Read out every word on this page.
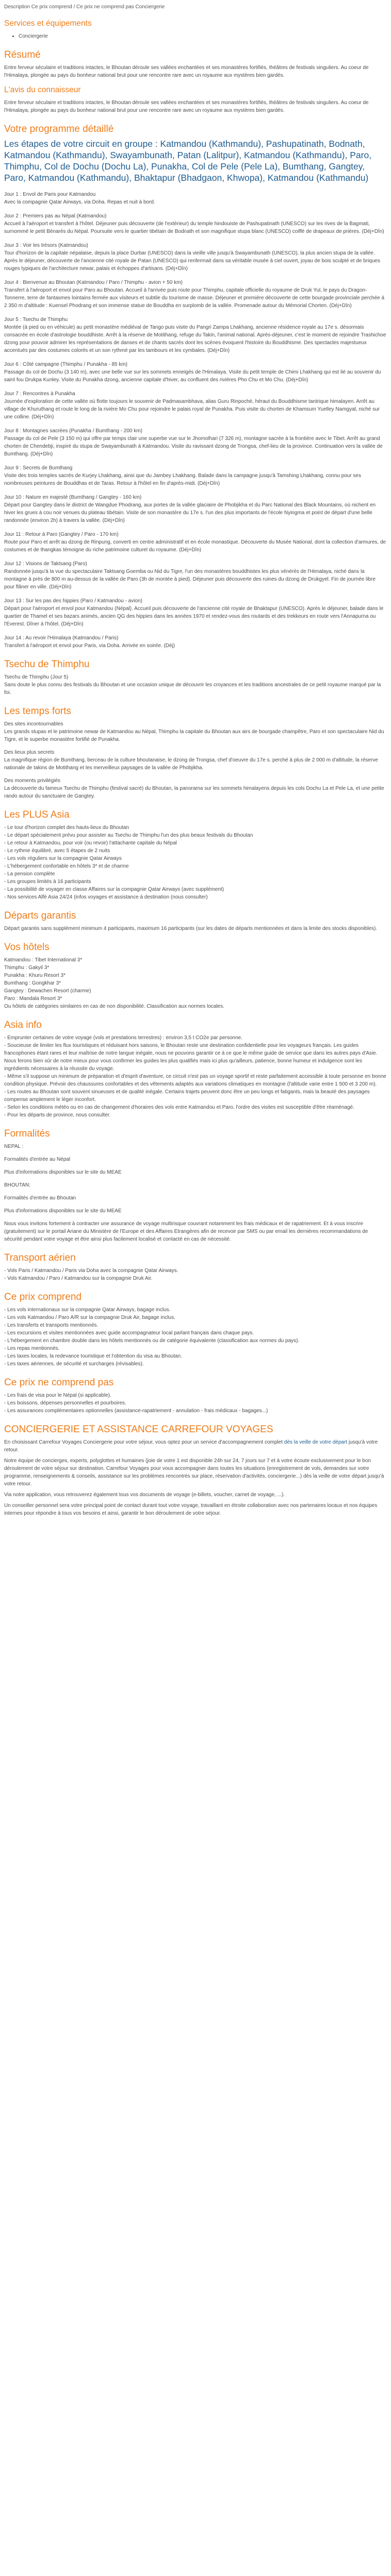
Description Ce prix comprend / Ce prix ne comprend pas Conciergerie

Services et équipements
• Conciergerie
Résumé

Entre ferveur séculaire et traditions intactes, le Bhoutan déroule ses vallées enchantées et ses monastères fortifiés, théâtres de festivals singuliers. Au coeur de l'Himalaya, plongée au pays du bonheur national brut pour une rencontre rare avec un royaume aux mystères bien gardés.

L'avis du connaisseur

Entre ferveur séculaire et traditions intactes, le Bhoutan déroule ses vallées enchantées et ses monastères fortifiés, théâtres de festivals singuliers. Au coeur de l'Himalaya, plongée au pays du bonheur national brut pour une rencontre rare avec un royaume aux mystères bien gardés.

Votre programme détaillé
Les étapes de votre circuit en groupe : Katmandou (Kathmandu), Pashupatinath, Bodnath, Katmandou (Kathmandu), Swayambunath, Patan (Lalitpur), Katmandou (Kathmandu), Paro, Thimphu, Col de Dochu (Dochu La), Punakha, Col de Pele (Pele La), Bumthang, Gangtey, Paro, Katmandou (Kathmandu), Bhaktapur (Bhadgaon, Khwopa), Katmandou (Kathmandu)
Jour 1 : Envol de Paris pour Katmandou
Avec la compagnie Qatar Airways, via Doha. Repas et nuit à bord.
Jour 2 : Premiers pas au Népal (Katmandou)
Accueil à l'aéroport et transfert à l'hôtel. Déjeuner puis découverte (de l'extérieur) du temple hindouiste de Pashupatinath (UNESCO) sur les rives de la Bagmati, surnommé le petit Bénarès du Népal. Poursuite vers le quartier tibétain de Bodnath et son magnifique stupa blanc (UNESCO) coiffé de drapeaux de prières. (Déj+Dîn)
Jour 3 : Voir les trésors (Katmandou)
Tour d'horizon de la capitale népalaise, depuis la place Durbar (UNESCO) dans la vieille ville jusqu'à Swayambunath (UNESCO), la plus ancien stupa de la vallée. Après le déjeuner, découverte de l'ancienne cité royale de Patan (UNESCO) qui renfermait dans sa véritable musée à ciel ouvert, joyau de bois sculpté et de briques rouges typiques de l'architecture newar, palais et échoppes d'artisans. (Déj+Dîn)
Jour 4 : Bienvenue au Bhoutan (Katmandou / Paro / Thimphu - avion + 50 km)
Transfert à l'aéroport et envol pour Paro au Bhoutan. Accueil à l'arrivée puis route pour Thimphu, capitale officielle du royaume de Druk Yul, le pays du Dragon-Tonnerre, terre de fantasmes lointains fermée aux visiteurs et subtile du tourisme de masse. Déjeuner et première découverte de cette bourgade provinciale perchée à 2 350 m d'altitude : Kuensel Phodrang et son immense statue de Bouddha en surplomb de la vallée. Promenade autour du Mémorial Chorten. (Déj+Dîn)
Jour 5 : Tsechu de Thimphu
Montée (à pied ou en véhicule) au petit monastère médiéval de Tango puis visite du Pangri Zampa Lhakhang, ancienne résidence royale au 17e s. désormais consacrée en école d'astrologie bouddhiste. Arrêt à la réserve de Motithang, refuge du Takin, l'animal national. Après-déjeuner, c'est le moment de rejoindre Trashichoe dzong pour pouvoir admirer les représentations de danses et de chants sacrés dont les scènes évoquent l'histoire du Bouddhisme. Des spectacles majestueux accentués par des costumes colorés et un son rythmé par les tambours et les cymbales. (Déj+Dîn)
Jour 6 : Côté campagne (Thimphu / Punakha - 85 km)
Passage du col de Dochu (3 140 m), avec une belle vue sur les sommets enneigés de l'Himalaya. Visite du petit temple de Chimi Lhakhang qui est lié au souvenir du saint fou Drukpa Kunley. Visite du Punakha dzong, ancienne capitale d'hiver, au confluent des rivières Pho Chu et Mo Chu. (Déj+Dîn)
Jour 7 : Rencontres à Punakha
Journée d'exploration de cette vallée où flotte toujours le souvenir de Padmasambhava, alias Guru Rinpoché, héraut du Bouddhisme tantrique himalayen. Arrêt au village de Khuruthang et route le long de la rivière Mo Chu pour rejoindre le palais royal de Punakha. Puis visite du chorten de Khamsum Yuelley Namgyal, niché sur une colline. (Déj+Dîn)
Jour 8 : Montagnes sacrées (Punakha / Bumthang - 200 km)
Passage du col de Pele (3 150 m) qui offre par temps clair une superbe vue sur le Jhomolhari (7 326 m), montagne sacrée à la frontière avec le Tibet. Arrêt au grand chorten de Chendebji, inspiré du stupa de Swayambunath à Katmandou. Visite du ravissant dzong de Trongsa, chef-lieu de la province. Continuation vers la vallée de Bumthang. (Déj+Dîn)
Jour 9 : Secrets de Bumthang
Visite des trois temples sacrés de Kurjey Lhakhang, ainsi que du Jambey Lhakhang. Balade dans la campagne jusqu'à Tamshing Lhakhang, connu pour ses nombreuses peintures de Bouddhas et de Taras. Retour à l'hôtel en fin d'après-midi. (Déj+Dîn)
Jour 10 : Nature en majesté (Bumthang / Gangtey - 160 km)
Départ pour Gangtey dans le district de Wangdue Phodrang, aux portes de la vallée glaciaire de Phobjikha et du Parc National des Black Mountains, où nichent en hiver les grues à cou noir venues du plateau tibétain. Visite de son monastère du 17e s. l'un des plus importants de l'école Nyingma et point de départ d'une belle randonnée (environ 2h) à travers la vallée. (Déj+Dîn)
Jour 11 : Retour à Paro (Gangtey / Paro - 170 km)
Route pour Paro et arrêt au dzong de Rinpung, converti en centre administratif et en école monastique. Découverte du Musée National, dont la collection d'armures, de costumes et de thangkas témoigne du riche patrimoine culturel du royaume. (Déj+Dîn)
Jour 12 : Visions de Taktsang (Paro)
Randonnée jusqu'à la vue du spectaculaire Taktsang Goemba ou Nid du Tigre, l'un des monastères bouddhistes les plus vénérés de l'Himalaya, niché dans la montagne à près de 800 m au-dessus de la vallée de Paro (3h de montée à pied). Déjeuner puis découverte des ruines du dzong de Drukgyel. Fin de journée libre pour flâner en ville. (Déj+Dîn)
Jour 13 : Sur les pas des hippies (Paro / Katmandou - avion)
Départ pour l'aéroport et envol pour Katmandou (Népal). Accueil puis découverte de l'ancienne cité royale de Bhaktapur (UNESCO). Après le déjeuner, balade dans le quartier de Thamel et ses bazars animés, ancien QG des hippies dans les années 1970 et rendez-vous des routards et des trekkeurs en route vers l'Annapurna ou l'Everest. Dîner à l'hôtel. (Déj+Dîn)
Jour 14 : Au revoir l'Himalaya (Katmandou / Paris)
Transfert à l'aéroport et envol pour Paris, via Doha. Arrivée en soirée. (Déj)
Tsechu de Thimphu

Tsechu de Thimphu (Jour 5)

Sans doute le plus connu des festivals du Bhoutan et une occasion unique de découvrir les croyances et les traditions ancestrales de ce petit royaume marqué par la foi.

Les temps forts

Des sites incontournables

Les grands stupas et le patrimoine newar de Katmandou au Népal, Thimphu la capitale du Bhoutan aux airs de bourgade champêtre, Paro et son spectaculaire Nid du Tigre, et le superbe monastère fortifié de Punakha.

Des lieux plus secrets

La magnifique région de Bumthang, berceau de la culture bhoutanaise, le dzong de Trongsa, chef d'oeuvre du 17e s. perché à plus de 2 000 m d'altitude, la réserve nationale de takins de Motithang et les merveilleux paysages de la vallée de Phobjikha.

Des moments privilégiés

La découverte du fameux Tsechu de Thimphu (festival sacré) du Bhoutan, la panorama sur les sommets himalayens depuis les cols Dochu La et Pele La, et une petite rando autour du sanctuaire de Gangtey.

Les PLUS Asia

- Le tour d'horizon complet des hauts-lieux du Bhoutan

- Le départ spécialement prévu pour assister au Tsechu de Thimphu l'un des plus beaux festivals du Bhoutan

- Le retour à Katmandou, pour voir (ou revoir) l'attachante capitale du Népal

- Le rythme équilibré, avec 5 étapes de 2 nuits

- Les vols réguliers sur la compagnie Qatar Airways

- L'hébergement confortable en hôtels 3* et de charme

- La pension complète

- Les groupes limités à 16 participants

- La possibilité de voyager en classe Affaires sur la compagnie Qatar Airways (avec supplément)

- Nos services Alfé Asia 24/24 (infos voyages et assistance à destination (nous consulter)

Départs garantis

Départ garantis sans supplément minimum 4 participants, maximum 16 participants (sur les dates de départs mentionnées et dans la limite des stocks disponibles).

Vos hôtels

Katmandou : Tibet International 3*

Thimphu : Gakyil 3*

Punakha : Khuru Resort 3*

Bumthang : Gongkhar 3*

Gangtey : Dewachen Resort (charme)

Paro : Mandala Resort 3*

Ou hôtels de catégories similaires en cas de non disponibilité. Classification aux normes locales.

Asia info

- Emprunter certaines de votre voyage (vols et prestations terrestres) : environ 3,5 t CO2e par personne.

- Soucieuse de limiter les flux touristiques et réduisant hors saisons, le Bhoutan reste une destination confidentielle pour les voyageurs français. Les guides francophones étant rares et leur maîtrise de notre langue inégale, nous ne pouvons garantir ce à ce que le même guide de service que dans les autres pays d'Asie. Nous ferons bien sûr de notre mieux pour vous confirmer les guides les plus qualifiés mais ici plus qu'ailleurs, patience, bonne humeur et indulgence sont les ingrédients nécessaires à la réussite du voyage.

- Même s'il suppose un minimum de préparation et d'esprit d'aventure, ce circuit n'est pas un voyage sportif et reste parfaitement accessible à toute personne en bonne condition physique. Prévoir des chaussures confortables et des vêtements adaptés aux variations climatiques en montagne (l'altitude varie entre 1 500 et 3 200 m).

- Les routes au Bhoutan sont souvent sinueuses et de qualité inégale. Certains trajets peuvent donc être un peu longs et fatigants, mais la beauté des paysages compense amplement le léger inconfort.

- Selon les conditions météo ou en cas de changement d'horaires des vols entre Katmandou et Paro, l'ordre des visites est susceptible d'être réaménagé.

- Pour les départs de province, nous consulter.

Formalités

NEPAL :

Formalités d'entrée au Népal

Plus d'informations disponibles sur le site du MEAE

BHOUTAN:

Formalités d'entrée au Bhoutan

Plus d'informations disponibles sur le site du MEAE

Nous vous invitons fortement à contracter une assurance de voyage multirisque couvrant notamment les frais médicaux et de rapatriement. Et à vous inscrire (gratuitement) sur le portail Ariane du Ministère de l'Europe et des Affaires Etrangères afin de recevoir par SMS ou par email les dernières recommandations de sécurité pendant votre voyage et être ainsi plus facilement localisé et contacté en cas de nécessité.

Transport aérien

- Vols Paris / Katmandou / Paris via Doha avec la compagnie Qatar Airways.

- Vols Katmandou / Paro / Katmandou sur la compagnie Druk Air.

Ce prix comprend

- Les vols internationaux sur la compagnie Qatar Airways, bagage inclus.

- Les vols Katmandou / Paro A/R sur la compagnie Druk Air, bagage inclus.

- Les transferts et transports mentionnés.

- Les excursions et visites mentionnées avec guide accompagnateur local parlant français dans chaque pays.

- L'hébergement en chambre double dans les hôtels mentionnés ou de catégorie équivalente (classification aux normes du pays).

- Les repas mentionnés.

- Les taxes locales, la redevance touristique et l'obtention du visa au Bhoutan.

- Les taxes aériennes, de sécurité et surcharges (révisables).

Ce prix ne comprend pas

- Les frais de visa pour le Népal (si applicable).

- Les boissons, dépenses personnelles et pourboires.

- Les assurances complémentaires optionnelles (assistance-rapatriement - annulation - frais médicaux - bagages...)

CONCIERGERIE ET ASSISTANCE CARREFOUR VOYAGES

En choisissant Carrefour Voyages Conciergerie pour votre séjour, vous optez pour un service d'accompagnement complet dès la veille de votre départ jusqu'à votre retour.

Notre équipe de concierges, experts, polyglottes et humaines (joie de votre 1 est disponible 24h sur 24, 7 jours sur 7 et à votre écoute exclusivement pour le bon déroulement de votre séjour sur destination. Carrefour Voyages pour vous accompagner dans toutes les situations (enregistrement de vols, demandes sur votre programme, renseignements & conseils, assistance sur les problèmes rencontrés sur place, réservation d'activités, conciergerie...) dès la veille de votre départ jusqu'à votre retour.

Via notre application, vous retrouverez également tous vos documents de voyage (e-billets, voucher, carnet de voyage, ...).

Un conseiller personnel sera votre principal point de contact durant tout votre voyage, travaillant en étroite collaboration avec nos partenaires locaux et nos équipes internes pour répondre à tous vos besoins et ainsi, garantir le bon déroulement de votre séjour.
